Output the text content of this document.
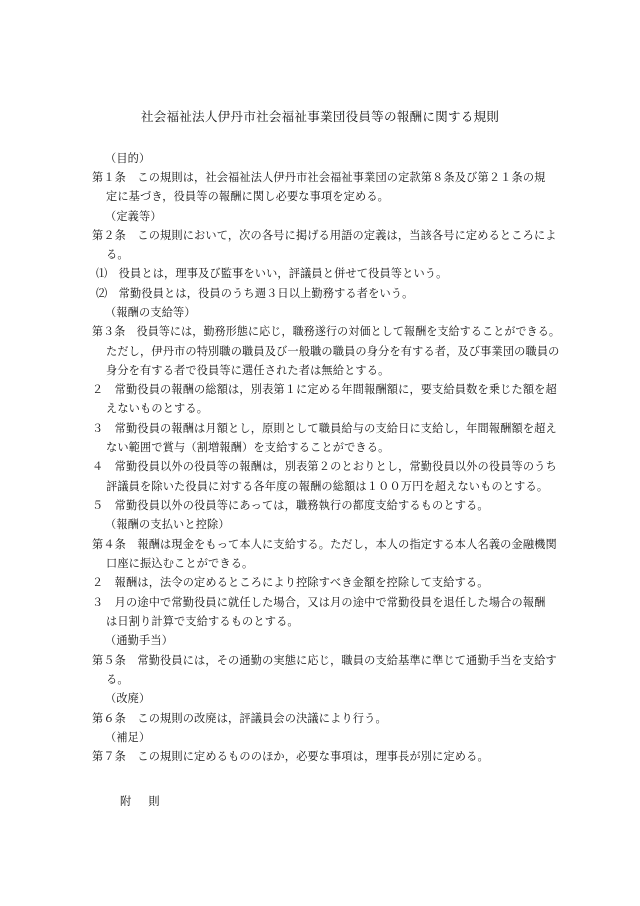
社会福祉法人伊丹市社会福祉事業団役員等の報酬に関する規則
（目的）
第１条　この規則は，社会福祉法人伊丹市社会福祉事業団の定款第８条及び第２１条の規
定に基づき，役員等の報酬に関し必要な事項を定める。
（定義等）
第２条　この規則において，次の各号に掲げる用語の定義は，当該各号に定めるところによ
る。
⑴　役員とは，理事及び監事をいい，評議員と併せて役員等という。
⑵　常勤役員とは，役員のうち週３日以上勤務する者をいう。
（報酬の支給等）
第３条　役員等には，勤務形態に応じ，職務遂行の対価として報酬を支給することができる。
ただし，伊丹市の特別職の職員及び一般職の職員の身分を有する者，及び事業団の職員の
身分を有する者で役員等に選任された者は無給とする。
２　常勤役員の報酬の総額は，別表第１に定める年間報酬額に，要支給員数を乗じた額を超
えないものとする。
３　常勤役員の報酬は月額とし，原則として職員給与の支給日に支給し，年間報酬額を超え
ない範囲で賞与（割増報酬）を支給することができる。
４　常勤役員以外の役員等の報酬は，別表第２のとおりとし，常勤役員以外の役員等のうち
評議員を除いた役員に対する各年度の報酬の総額は１００万円を超えないものとする。
５　常勤役員以外の役員等にあっては，職務執行の都度支給するものとする。
（報酬の支払いと控除）
第４条　報酬は現金をもって本人に支給する。ただし，本人の指定する本人名義の金融機関
口座に振込むことができる。
２　報酬は，法令の定めるところにより控除すべき金額を控除して支給する。
３　月の途中で常勤役員に就任した場合，又は月の途中で常勤役員を退任した場合の報酬
は日割り計算で支給するものとする。
（通勤手当）
第５条　常勤役員には，その通勤の実態に応じ，職員の支給基準に準じて通勤手当を支給す
る。
（改廃）
第６条　この規則の改廃は，評議員会の決議により行う。
（補足）
第７条　この規則に定めるもののほか，必要な事項は，理事長が別に定める。
附　則
